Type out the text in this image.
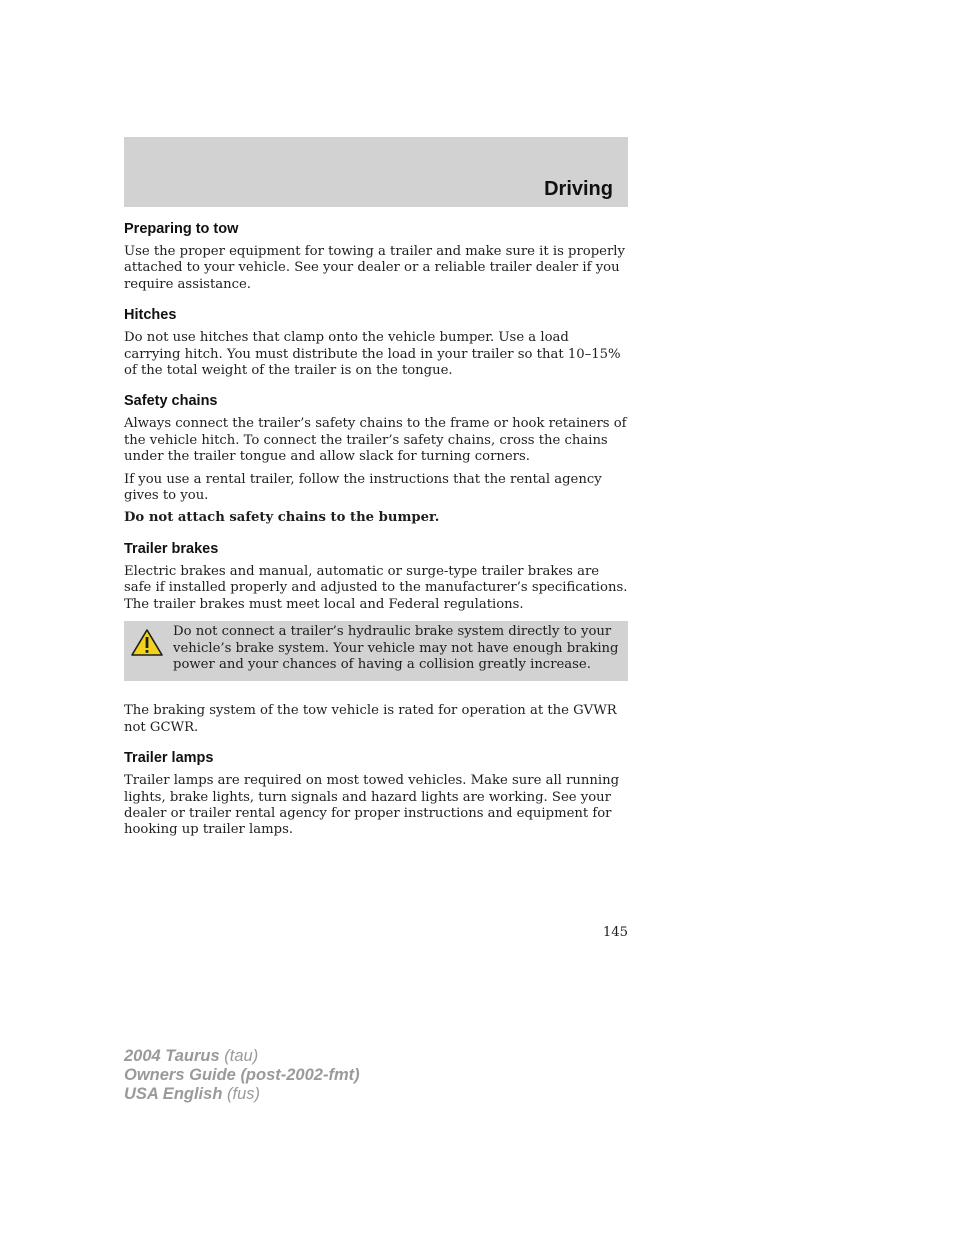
Driving
Preparing to tow

Use the proper equipment for towing a trailer and make sure it is properly attached to your vehicle. See your dealer or a reliable trailer dealer if you require assistance.

Hitches

Do not use hitches that clamp onto the vehicle bumper. Use a load carrying hitch. You must distribute the load in your trailer so that 10–15% of the total weight of the trailer is on the tongue.

Safety chains

Always connect the trailer’s safety chains to the frame or hook retainers of the vehicle hitch. To connect the trailer’s safety chains, cross the chains under the trailer tongue and allow slack for turning corners.

If you use a rental trailer, follow the instructions that the rental agency gives to you.

Do not attach safety chains to the bumper.

Trailer brakes

Electric brakes and manual, automatic or surge-type trailer brakes are safe if installed properly and adjusted to the manufacturer’s specifications. The trailer brakes must meet local and Federal regulations.

Do not connect a trailer’s hydraulic brake system directly to your vehicle’s brake system. Your vehicle may not have enough braking power and your chances of having a collision greatly increase.

The braking system of the tow vehicle is rated for operation at the GVWR not GCWR.

Trailer lamps

Trailer lamps are required on most towed vehicles. Make sure all running lights, brake lights, turn signals and hazard lights are working. See your dealer or trailer rental agency for proper instructions and equipment for hooking up trailer lamps.

145
2004 Taurus (tau)
Owners Guide (post-2002-fmt)
USA English (fus)
